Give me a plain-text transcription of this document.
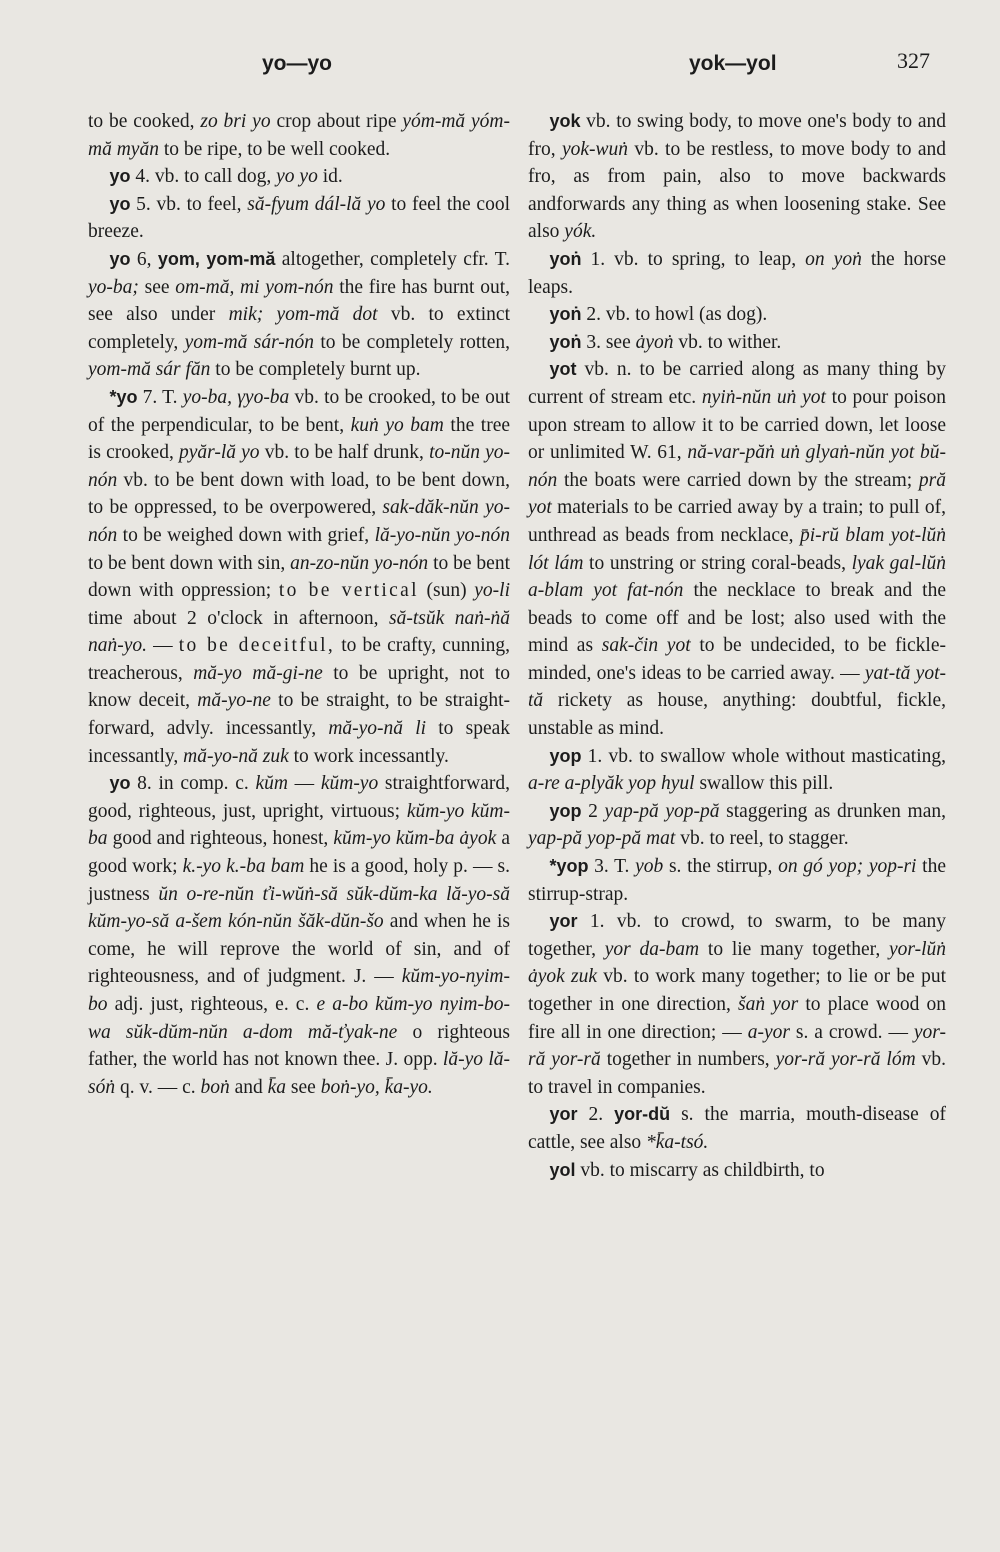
yo—yo	yok—yol	327

to be cooked, zo bri yo crop about ripe yóm-mă yóm-mă myăn to be ripe, to be well cooked.

yo 4. vb. to call dog, yo yo id.

yo 5. vb. to feel, să-fyum dál-lă yo to feel the cool breeze.

yo 6, yom, yom-mă altogether, completely cfr. T. yo-ba; see om-mă, mi yom-nón the fire has burnt out, see also under mik; yom-mă dot vb. to extinct completely, yom-mă sár-nón to be completely rotten, yom-mă sár făn to be completely burnt up.

*yo 7. T. yo-ba, γyo-ba vb. to be crooked, to be out of the perpendicular, to be bent, kuṅ yo bam the tree is crooked, pyăr-lă yo vb. to be half drunk, to-nŭn yo-nón vb. to be bent down with load, to be bent down, to be oppressed, to be overpowered, sak-dăk-nŭn yo-nón to be weighed down with grief, lă-yo-nŭn yo-nón to be bent down with sin, an-zo-nŭn yo-nón to be bent down with oppression; to be vertical (sun) yo-li time about 2 o'clock in afternoon, să-tsŭk naṅ-ṅă naṅ-yo. — to be deceitful, to be crafty, cunning, treacherous, mă-yo mă-gi-ne to be upright, not to know deceit, mă-yo-ne to be straight, to be straight-forward, advly. incessantly, mă-yo-nă li to speak incessantly, mă-yo-nă zuk to work incessantly.

yo 8. in comp. c. kŭm — kŭm-yo straightforward, good, righteous, just, upright, virtuous; kŭm-yo kŭm-ba good and righteous, honest, kŭm-yo kŭm-ba ȧyok a good work; k.-yo k.-ba bam he is a good, holy p. — s. justness ŭn o-re-nŭn ťi-wŭṅ-să sŭk-dŭm-ka lă-yo-să kŭm-yo-să a-šem kón-nŭn šăk-dŭn-šo and when he is come, he will reprove the world of sin, and of righteousness, and of judgment. J. — kŭm-yo-nyim-bo adj. just, righteous, e. c. e a-bo kŭm-yo nyim-bo-wa sŭk-dŭm-nŭn a-dom mă-ťyak-ne o righteous father, the world has not known thee. J. opp. lă-yo lă-sóṅ q. v. — c. boṅ and k̄a see boṅ-yo, k̄a-yo.

yok vb. to swing body, to move one's body to and fro, yok-wuṅ vb. to be restless, to move body to and fro, as from pain, also to move backwards andforwards any thing as when loosening stake. See also yók.

yoṅ 1. vb. to spring, to leap, on yoṅ the horse leaps.

yoṅ 2. vb. to howl (as dog).

yoṅ 3. see ȧyoṅ vb. to wither.

yot vb. n. to be carried along as many thing by current of stream etc. nyiṅ-nŭn uṅ yot to pour poison upon stream to allow it to be carried down, let loose or unlimited W. 61, nă-var-păṅ uṅ glyaṅ-nŭn yot bŭ-nón the boats were carried down by the stream; pră yot materials to be carried away by a train; to pull of, unthread as beads from necklace, p̄i-rŭ blam yot-lŭṅ lót lám to unstring or string coral-beads, lyak gal-lŭṅ a-blam yot fat-nón the necklace to break and the beads to come off and be lost; also used with the mind as sak-čin yot to be undecided, to be fickle-minded, one's ideas to be carried away. — yat-tă yot-tă rickety as house, anything: doubtful, fickle, unstable as mind.

yop 1. vb. to swallow whole without masticating, a-re a-plyăk yop hyul swallow this pill.

yop 2 yap-pă yop-pă staggering as drunken man, yap-pă yop-pă mat vb. to reel, to stagger.

*yop 3. T. yob s. the stirrup, on gó yop; yop-ri the stirrup-strap.

yor 1. vb. to crowd, to swarm, to be many together, yor da-bam to lie many together, yor-lŭṅ ȧyok zuk vb. to work many together; to lie or be put together in one direction, šaṅ yor to place wood on fire all in one direction; — a-yor s. a crowd. — yor-ră yor-ră together in numbers, yor-ră yor-ră lóm vb. to travel in companies.

yor 2. yor-dŭ s. the marria, mouth-disease of cattle, see also *k̄a-tsó.

yol vb. to miscarry as childbirth, to
